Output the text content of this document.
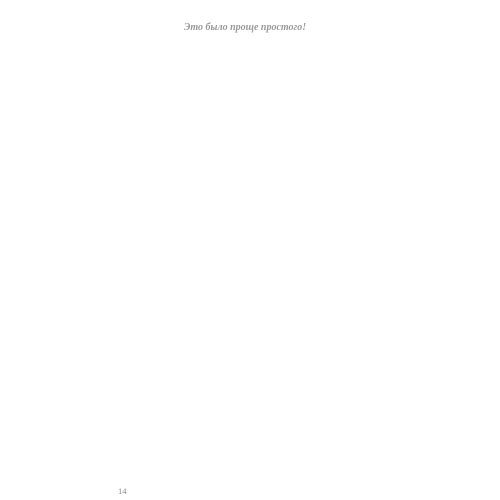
Это было проще простого!

14
